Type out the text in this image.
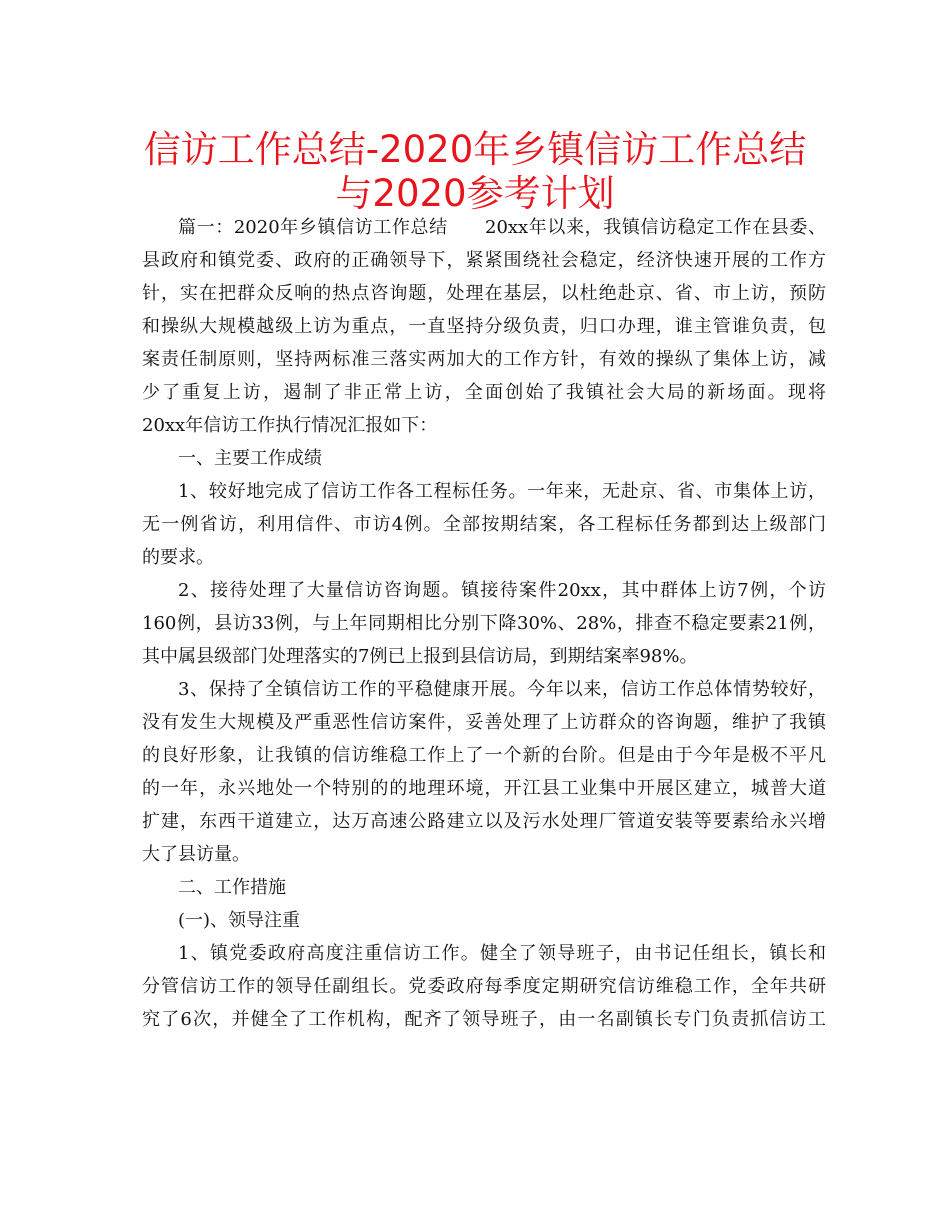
信访工作总结-2020年乡镇信访工作总结
与2020参考计划
篇一：2020年乡镇信访工作总结　　20xx年以来，我镇信访稳定工作在县委、
县政府和镇党委、政府的正确领导下，紧紧围绕社会稳定，经济快速开展的工作方
针，实在把群众反响的热点咨询题，处理在基层，以杜绝赴京、省、市上访，预防
和操纵大规模越级上访为重点，一直坚持分级负责，归口办理，谁主管谁负责，包
案责任制原则，坚持两标准三落实两加大的工作方针，有效的操纵了集体上访，减
少了重复上访，遏制了非正常上访，全面创始了我镇社会大局的新场面。现将
20xx年信访工作执行情况汇报如下：
一、主要工作成绩
1、较好地完成了信访工作各工程标任务。一年来，无赴京、省、市集体上访，
无一例省访，利用信件、市访4例。全部按期结案，各工程标任务都到达上级部门
的要求。
2、接待处理了大量信访咨询题。镇接待案件20xx，其中群体上访7例，个访
160例，县访33例，与上年同期相比分别下降30%、28%，排查不稳定要素21例，
其中属县级部门处理落实的7例已上报到县信访局，到期结案率98%。
3、保持了全镇信访工作的平稳健康开展。今年以来，信访工作总体情势较好，
没有发生大规模及严重恶性信访案件，妥善处理了上访群众的咨询题，维护了我镇
的良好形象，让我镇的信访维稳工作上了一个新的台阶。但是由于今年是极不平凡
的一年，永兴地处一个特别的的地理环境，开江县工业集中开展区建立，城普大道
扩建，东西干道建立，达万高速公路建立以及污水处理厂管道安装等要素给永兴增
大了县访量。
二、工作措施
(一)、领导注重
1、镇党委政府高度注重信访工作。健全了领导班子，由书记任组长，镇长和
分管信访工作的领导任副组长。党委政府每季度定期研究信访维稳工作，全年共研
究了6次，并健全了工作机构，配齐了领导班子，由一名副镇长专门负责抓信访工
